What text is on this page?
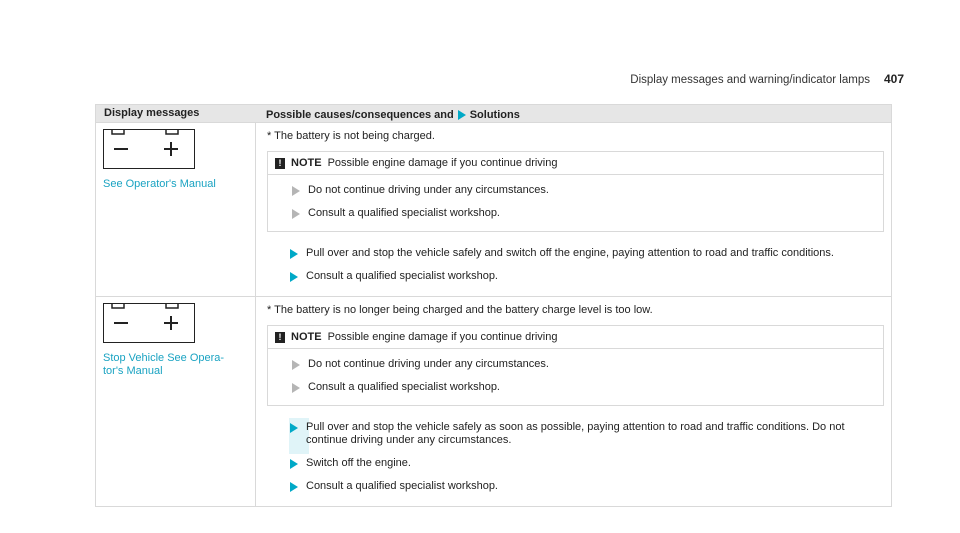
Display messages and warning/indicator lamps 407
Display messages	Possible causes/consequences and Solutions
See Operator's Manual
* The battery is not being charged.
! NOTE Possible engine damage if you continue driving
Do not continue driving under any circumstances.
Consult a qualified specialist workshop.
Pull over and stop the vehicle safely and switch off the engine, paying attention to road and traffic conditions.
Consult a qualified specialist workshop.
Stop Vehicle See Opera-
tor's Manual
* The battery is no longer being charged and the battery charge level is too low.
! NOTE Possible engine damage if you continue driving
Do not continue driving under any circumstances.
Consult a qualified specialist workshop.
Pull over and stop the vehicle safely as soon as possible, paying attention to road and traffic conditions. Do not continue driving under any circumstances.
Switch off the engine.
Consult a qualified specialist workshop.
